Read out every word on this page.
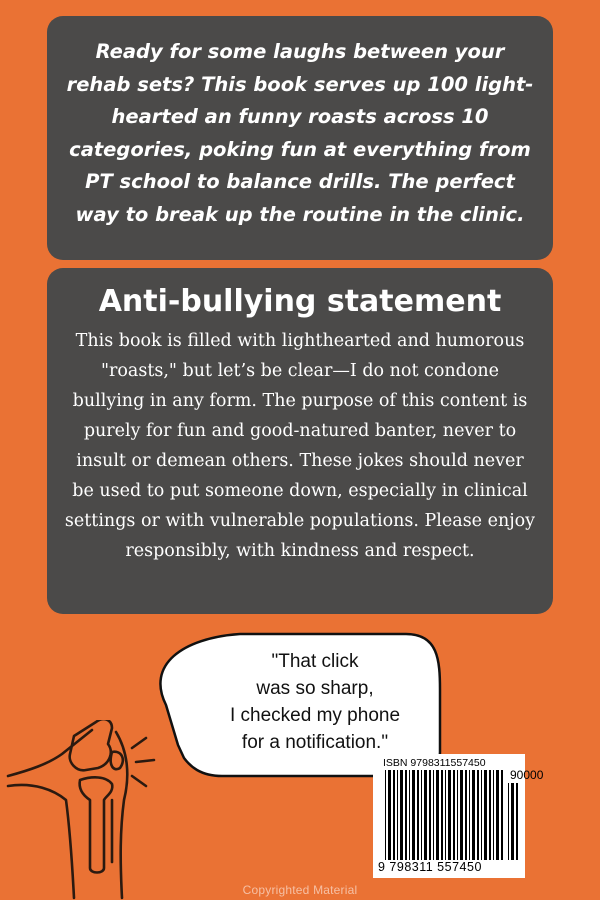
Ready for some laughs between your rehab sets? This book serves up 100 light-hearted an funny roasts across 10 categories, poking fun at everything from PT school to balance drills. The perfect way to break up the routine in the clinic.

Anti-bullying statement

This book is filled with lighthearted and humorous "roasts," but let’s be clear—I do not condone bullying in any form. The purpose of this content is purely for fun and good-natured banter, never to insult or demean others. These jokes should never be used to put someone down, especially in clinical settings or with vulnerable populations. Please enjoy responsibly, with kindness and respect.

"That click
was so sharp,
I checked my phone
for a notification."
ISBN 9798311557450
90000
9 798311 557450
Copyrighted Material
